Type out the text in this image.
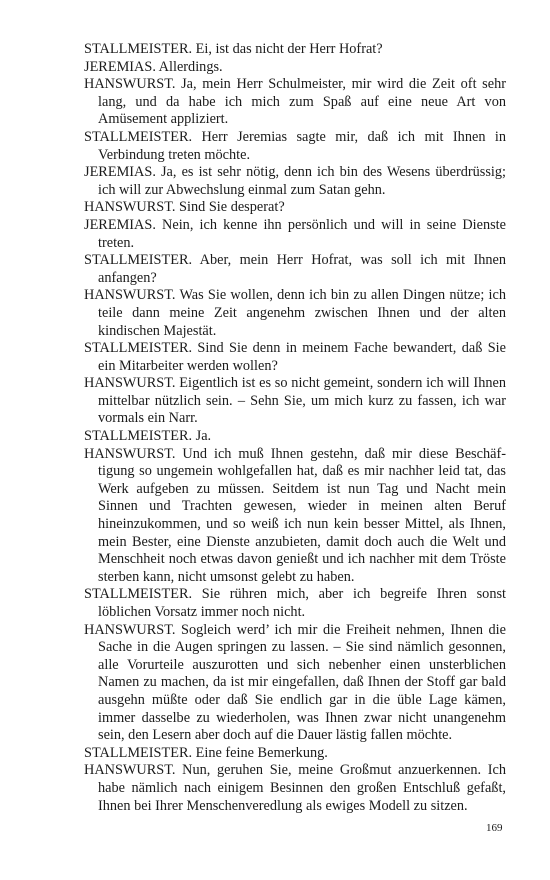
STALLMEISTER. Ei, ist das nicht der Herr Hofrat?

JEREMIAS. Allerdings.

HANSWURST. Ja, mein Herr Schulmeister, mir wird die Zeit oft sehr lang, und da habe ich mich zum Spaß auf eine neue Art von Amüsement appliziert.

STALLMEISTER. Herr Jeremias sagte mir, daß ich mit Ihnen in Verbindung treten möchte.

JEREMIAS. Ja, es ist sehr nötig, denn ich bin des Wesens überdrüssig; ich will zur Abwechslung einmal zum Satan gehn.

HANSWURST. Sind Sie desperat?

JEREMIAS. Nein, ich kenne ihn persönlich und will in seine Dienste treten.

STALLMEISTER. Aber, mein Herr Hofrat, was soll ich mit Ihnen anfangen?

HANSWURST. Was Sie wollen, denn ich bin zu allen Dingen nütze; ich teile dann meine Zeit angenehm zwischen Ihnen und der alten kindischen Majestät.

STALLMEISTER. Sind Sie denn in meinem Fache bewandert, daß Sie ein Mitarbeiter werden wollen?

HANSWURST. Eigentlich ist es so nicht gemeint, sondern ich will Ihnen mittelbar nützlich sein. – Sehn Sie, um mich kurz zu fassen, ich war vormals ein Narr.

STALLMEISTER. Ja.

HANSWURST. Und ich muß Ihnen gestehn, daß mir diese Beschäftigung so ungemein wohlgefallen hat, daß es mir nachher leid tat, das Werk aufgeben zu müssen. Seitdem ist nun Tag und Nacht mein Sinnen und Trachten gewesen, wieder in meinen alten Beruf hineinzukommen, und so weiß ich nun kein besser Mittel, als Ihnen, mein Bester, eine Dienste anzubieten, damit doch auch die Welt und Menschheit noch etwas davon genießt und ich nachher mit dem Tröste sterben kann, nicht umsonst gelebt zu haben.

STALLMEISTER. Sie rühren mich, aber ich begreife Ihren sonst löblichen Vorsatz immer noch nicht.

HANSWURST. Sogleich werd’ ich mir die Freiheit nehmen, Ihnen die Sache in die Augen springen zu lassen. – Sie sind nämlich gesonnen, alle Vorurteile auszurotten und sich nebenher einen unsterblichen Namen zu machen, da ist mir eingefallen, daß Ihnen der Stoff gar bald ausgehn müßte oder daß Sie endlich gar in die üble Lage kämen, immer dasselbe zu wiederholen, was Ihnen zwar nicht unangenehm sein, den Lesern aber doch auf die Dauer lästig fallen möchte.

STALLMEISTER. Eine feine Bemerkung.

HANSWURST. Nun, geruhen Sie, meine Großmut anzuerkennen. Ich habe nämlich nach einigem Besinnen den großen Entschluß gefaßt, Ihnen bei Ihrer Menschenveredlung als ewiges Modell zu sitzen.

169
